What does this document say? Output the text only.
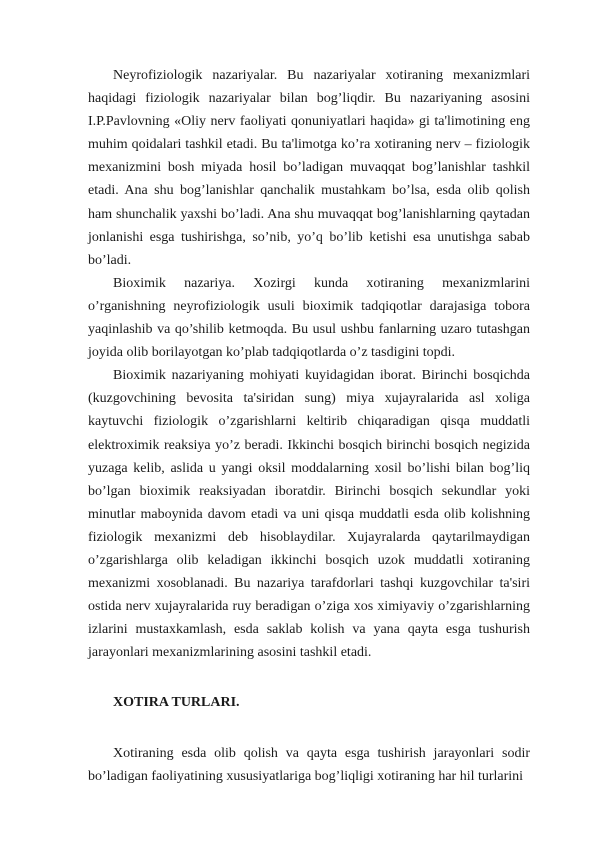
Neyrofiziologik nazariyalar. Bu nazariyalar xotiraning mexanizmlari haqidagi fiziologik nazariyalar bilan bog’liqdir. Bu nazariyaning asosini I.P.Pavlovning «Oliy nerv faoliyati qonuniyatlari haqida» gi ta'limotining eng muhim qoidalari tashkil etadi. Bu ta'limotga ko’ra xotiraning nerv – fiziologik mexanizmini bosh miyada hosil bo’ladigan muvaqqat bog’lanishlar tashkil etadi. Ana shu bog’lanishlar qanchalik mustahkam bo’lsa, esda olib qolish ham shunchalik yaxshi bo’ladi. Ana shu muvaqqat bog’lanishlarning qaytadan jonlanishi esga tushirishga, so’nib, yo’q bo’lib ketishi esa unutishga sabab bo’ladi.

Bioximik nazariya. Xozirgi kunda xotiraning mexanizmlarini o’rganishning neyrofiziologik usuli bioximik tadqiqotlar darajasiga tobora yaqinlashib va qo’shilib ketmoqda. Bu usul ushbu fanlarning uzaro tutashgan joyida olib borilayotgan ko’plab tadqiqotlarda o’z tasdigini topdi.

Bioximik nazariyaning mohiyati kuyidagidan iborat. Birinchi bosqichda (kuzgovchining bevosita ta'siridan sung) miya xujayralarida asl xoliga kaytuvchi fiziologik o’zgarishlarni keltirib chiqaradigan qisqa muddatli elektroximik reaksiya yo’z beradi. Ikkinchi bosqich birinchi bosqich negizida yuzaga kelib, aslida u yangi oksil moddalarning xosil bo’lishi bilan bog’liq bo’lgan bioximik reaksiyadan iboratdir. Birinchi bosqich sekundlar yoki minutlar maboynida davom etadi va uni qisqa muddatli esda olib kolishning fiziologik mexanizmi deb hisoblaydilar. Xujayralarda qaytarilmaydigan o’zgarishlarga olib keladigan ikkinchi bosqich uzok muddatli xotiraning mexanizmi xosoblanadi. Bu nazariya tarafdorlari tashqi kuzgovchilar ta'siri ostida nerv xujayralarida ruy beradigan o’ziga xos ximiyaviy o’zgarishlarning izlarini mustaxkamlash, esda saklab kolish va yana qayta esga tushurish jarayonlari mexanizmlarining asosini tashkil etadi.

XOTIRA TURLARI.

Xotiraning esda olib qolish va qayta esga tushirish jarayonlari sodir bo’ladigan faoliyatining xususiyatlariga bog’liqligi xotiraning har hil turlarini
